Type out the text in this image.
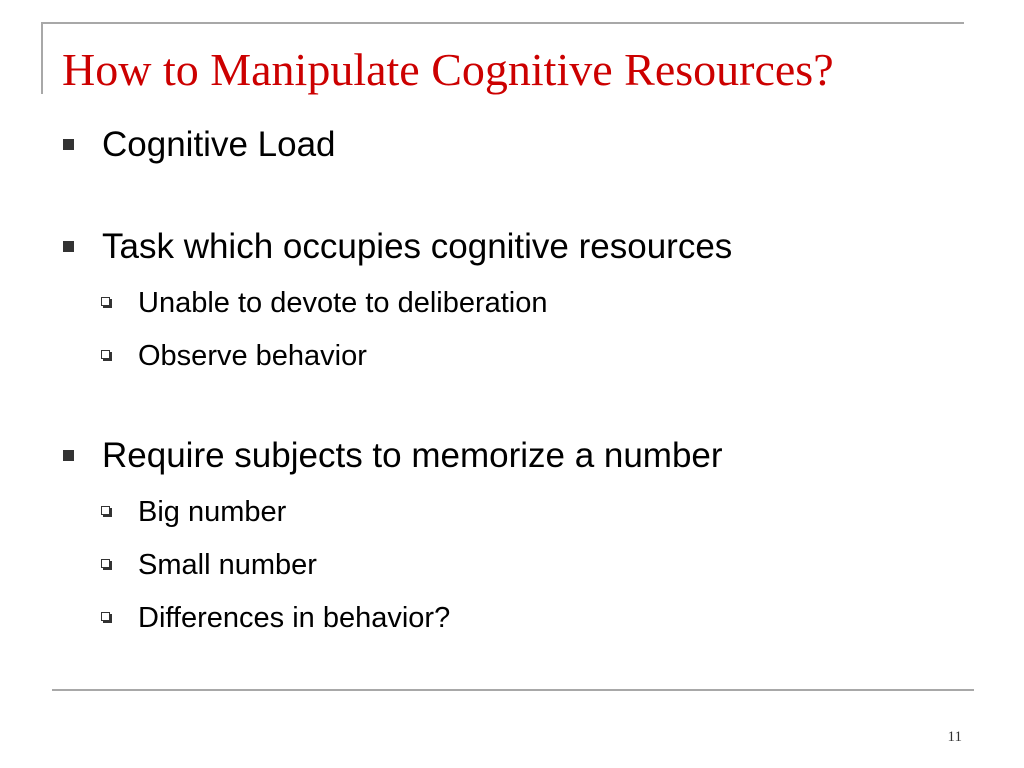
How to Manipulate Cognitive Resources?
Cognitive Load
Task which occupies cognitive resources
Unable to devote to deliberation
Observe behavior
Require subjects to memorize a number
Big number
Small number
Differences in behavior?
11
